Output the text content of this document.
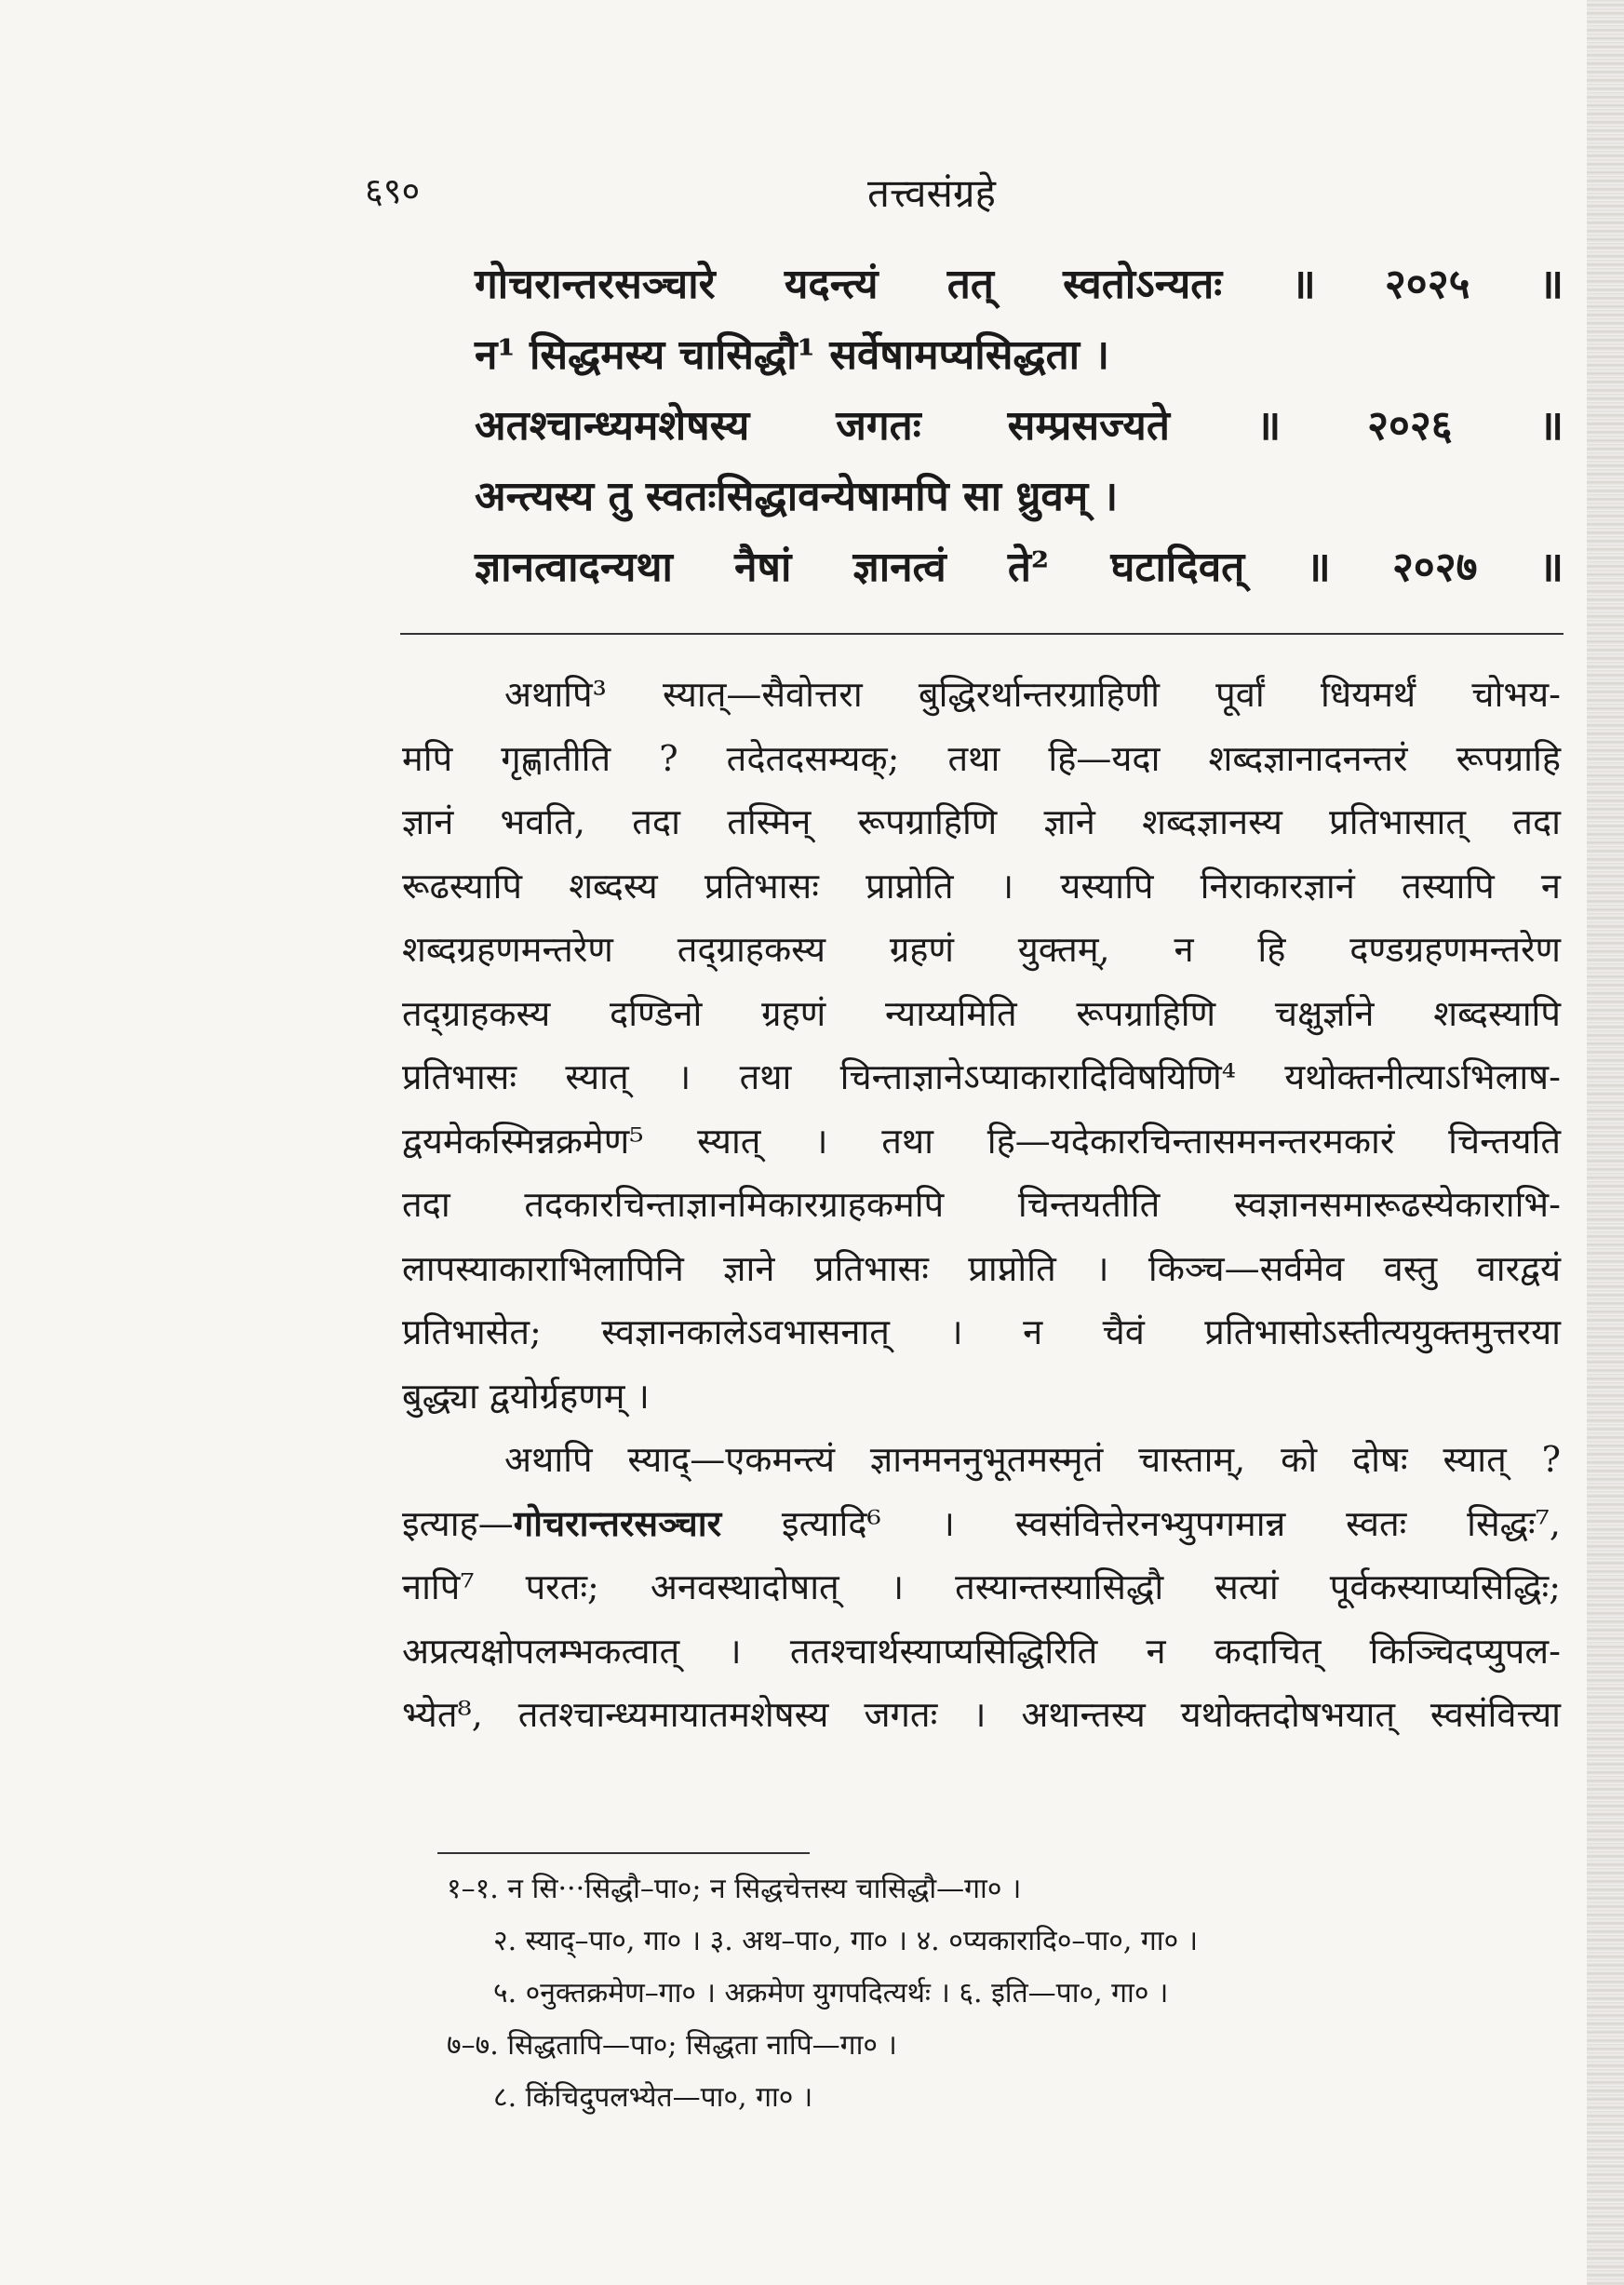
६९०	तत्त्वसंग्रहे
गोचरान्तरसञ्चारे यदन्त्यं तत् स्वतोऽन्यतः ॥ २०२५ ॥
न¹ सिद्धमस्य चासिद्धौ¹ सर्वेषामप्यसिद्धता ।
अतश्चान्ध्यमशेषस्य जगतः सम्प्रसज्यते ॥ २०२६ ॥
अन्त्यस्य तु स्वतःसिद्धावन्येषामपि सा ध्रुवम् ।
ज्ञानत्वादन्यथा नैषां ज्ञानत्वं ते² घटादिवत् ॥ २०२७ ॥
अथापि³ स्यात्—सैवोत्तरा बुद्धिरर्थान्तरग्राहिणी पूर्वां धियमर्थं चोभय-
मपि गृह्णातीति ? तदेतदसम्यक्; तथा हि—यदा शब्दज्ञानादनन्तरं रूपग्राहि
ज्ञानं भवति, तदा तस्मिन् रूपग्राहिणि ज्ञाने शब्दज्ञानस्य प्रतिभासात् तदा
रूढस्यापि शब्दस्य प्रतिभासः प्राप्नोति । यस्यापि निराकारज्ञानं तस्यापि न
शब्दग्रहणमन्तरेण तद्ग्राहकस्य ग्रहणं युक्तम्, न हि दण्डग्रहणमन्तरेण
तद्ग्राहकस्य दण्डिनो ग्रहणं न्याय्यमिति रूपग्राहिणि चक्षुर्ज्ञाने शब्दस्यापि
प्रतिभासः स्यात् । तथा चिन्ताज्ञानेऽप्याकारादिविषयिणि⁴ यथोक्तनीत्याऽभिलाष-
द्वयमेकस्मिन्नक्रमेण⁵ स्यात् । तथा हि—यदेकारचिन्तासमनन्तरमकारं चिन्तयति
तदा तदकारचिन्ताज्ञानमिकारग्राहकमपि चिन्तयतीति स्वज्ञानसमारूढस्येकाराभि-
लापस्याकाराभिलापिनि ज्ञाने प्रतिभासः प्राप्नोति । किञ्च—सर्वमेव वस्तु वारद्वयं
प्रतिभासेत; स्वज्ञानकालेऽवभासनात् । न चैवं प्रतिभासोऽस्तीत्ययुक्तमुत्तरया
बुद्ध्या द्वयोर्ग्रहणम् ।
अथापि स्याद्—एकमन्त्यं ज्ञानमननुभूतमस्मृतं चास्ताम्, को दोषः स्यात् ?
इत्याह—गोचरान्तरसञ्चार इत्यादि⁶ । स्वसंवित्तेरनभ्युपगमान्न स्वतः सिद्धः⁷,
नापि⁷ परतः; अनवस्थादोषात् । तस्यान्तस्यासिद्धौ सत्यां पूर्वकस्याप्यसिद्धिः;
अप्रत्यक्षोपलम्भकत्वात् । ततश्चार्थस्याप्यसिद्धिरिति न कदाचित् किञ्चिदप्युपल-
भ्येत⁸, ततश्चान्ध्यमायातमशेषस्य जगतः । अथान्तस्य यथोक्तदोषभयात् स्वसंवित्त्या
१–१. न सि···सिद्धौ–पा०; न सिद्धचेत्तस्य चासिद्धौ—गा० ।
२. स्याद्–पा०, गा० । ३. अथ–पा०, गा० । ४. ०प्यकारादि०–पा०, गा० ।
५. ०नुक्तक्रमेण–गा० । अक्रमेण युगपदित्यर्थः । ६. इति—पा०, गा० ।
७–७. सिद्धतापि—पा०; सिद्धता नापि—गा० ।
८. किंचिदुपलभ्येत—पा०, गा० ।
